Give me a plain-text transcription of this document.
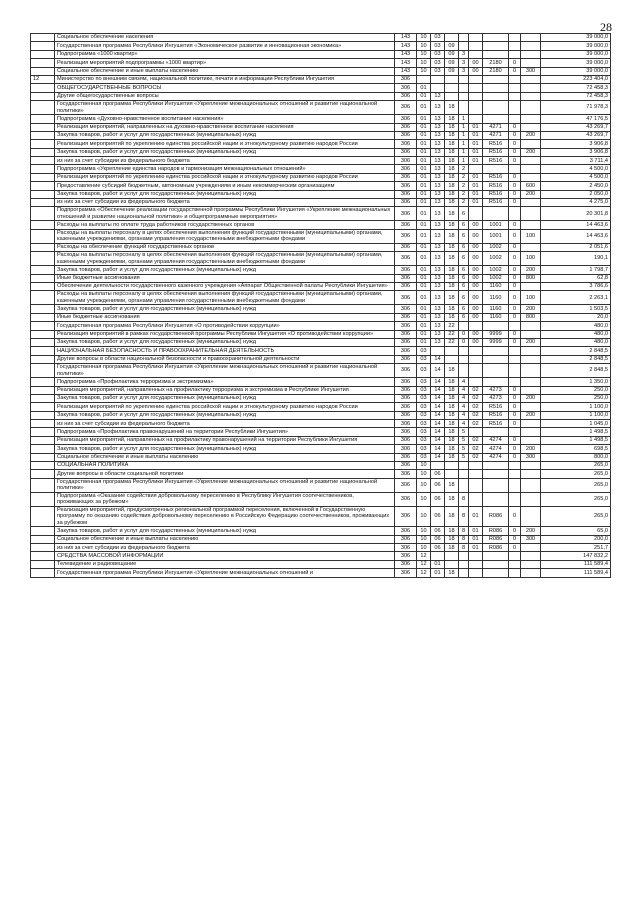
28
	Социальное обеспечение населения	143	10	03							39 000,0
	Государственная программа Республики Ингушетия «Экономическое развитие и инновационная экономика»	143	10	03	09						39 000,0
	Подпрограмма «1000 квартир»	143	10	03	09	3					39 000,0
	Реализация мероприятий подпрограммы «1000 квартир»	143	10	03	09	3	00	2180	0		39 000,0
	Социальное обеспечение и иные выплаты населению	143	10	03	09	3	00	2180	0	300	39 000,0
12	Министерство по внешним связям, национальной политике, печати и информации Республики Ингушетия	306									223 404,0
	ОБЩЕГОСУДАРСТВЕННЫЕ ВОПРОСЫ	306	01								72 458,3
	Другие общегосударственные вопросы	306	01	13							72 458,3
	Государственная программа Республики Ингушетия «Укрепление межнациональных отношений и развитие национальной политики»	306	01	13	18						71 978,3
	Подпрограмма «Духовно-нравственное воспитание населения»	306	01	13	18	1					47 176,5
	Реализация мероприятий, направленных на духовно-нравственное воспитание населения	306	01	13	18	1	01	4271	0		43 269,7
	Закупка товаров, работ и услуг для государственных (муниципальных) нужд	306	01	13	18	1	01	4271	0	200	43 269,7
	Реализация мероприятий по укреплению единства российской нации и этнокультурному развитию народов России	306	01	13	18	1	01	R516	0		3 906,8
	Закупка товаров, работ и услуг для государственных (муниципальных) нужд	306	01	13	18	1	01	R516	0	200	3 906,8
	из них за счет субсидии из федерального бюджета	306	01	13	18	1	01	R516	0		3 711,4
	Подпрограмма «Укрепление единства народов и гармонизация межнациональных отношений»	306	01	13	18	2					4 500,0
	Реализация мероприятий по укреплению единства российской нации и этнокультурному развитию народов России	306	01	13	18	2	01	R516	0		4 500,0
	Предоставление субсидий бюджетным, автономным учреждениям и иным некоммерческим организациям	306	01	13	18	2	01	R516	0	600	2 450,0
	Закупка товаров, работ и услуг для государственных (муниципальных) нужд	306	01	13	18	2	01	R516	0	200	2 050,0
	из них за счет субсидии из федерального бюджета	306	01	13	18	2	01	R516	0		4 275,0
	Подпрограмма «Обеспечение реализации государственной программы Республики Ингушетия «Укрепление межнациональных отношений и развитие национальной политики» и общепрограммные мероприятия»	306	01	13	18	6					20 301,8
	Расходы на выплаты по оплате труда работников государственных органов	306	01	13	18	6	00	1001	0		14 463,6
	Расходы на выплаты персоналу в целях обеспечения выполнения функций государственными (муниципальными) органами, казенными учреждениями, органами управления государственными внебюджетными фондами	306	01	13	18	6	00	1001	0	100	14 463,6
	Расходы на обеспечение функций государственных органов	306	01	13	18	6	00	1002	0		2 051,6
	Расходы на выплаты персоналу в целях обеспечения выполнения функций государственными (муниципальными) органами, казенными учреждениями, органами управления государственными внебюджетными фондами	306	01	13	18	6	00	1002	0	100	190,1
	Закупка товаров, работ и услуг для государственных (муниципальных) нужд	306	01	13	18	6	00	1002	0	200	1 798,7
	Иные бюджетные ассигнования	306	01	13	18	6	00	1002	0	800	62,8
	Обеспечение деятельности государственного казенного учреждения «Аппарат Общественной палаты Республики Ингушетия»	306	01	13	18	6	00	1160	0		3 786,6
	Расходы на выплаты персоналу в целях обеспечения выполнения функций государственными (муниципальными) органами, казенными учреждениями, органами управления государственными внебюджетными фондами	306	01	13	18	6	00	1160	0	100	2 263,1
	Закупка товаров, работ и услуг для государственных (муниципальных) нужд	306	01	13	18	6	00	1160	0	200	1 503,5
	Иные бюджетные ассигнования	306	01	13	18	6	00	1160	0	800	20,0
	Государственная программа Республики Ингушетия «О противодействии коррупции»	306	01	13	22						480,0
	Реализация мероприятий в рамках государственной программы Республики Ингушетия «О противодействии коррупции»	306	01	13	22	0	00	9999	0		480,0
	Закупка товаров, работ и услуг для государственных (муниципальных) нужд	306	01	13	22	0	00	9999	0	200	480,0
	НАЦИОНАЛЬНАЯ БЕЗОПАСНОСТЬ И ПРАВООХРАНИТЕЛЬНАЯ ДЕЯТЕЛЬНОСТЬ	306	03								2 848,5
	Другие вопросы в области национальной безопасности и правоохранительной деятельности	306	03	14							2 848,5
	Государственная программа Республики Ингушетия «Укрепление межнациональных отношений и развитие национальной политики»	306	03	14	18						2 848,5
	Подпрограмма «Профилактика терроризма и экстремизма»	306	03	14	18	4					1 350,0
	Реализация мероприятий, направленных на профилактику терроризма и экстремизма в Республике Ингушетия	306	03	14	18	4	02	4273	0		250,0
	Закупка товаров, работ и услуг для государственных (муниципальных) нужд	306	03	14	18	4	02	4273	0	200	250,0
	Реализация мероприятий по укреплению единства российской нации и этнокультурному развитию народов России	306	03	14	18	4	02	R516	0		1 100,0
	Закупка товаров, работ и услуг для государственных (муниципальных) нужд	306	03	14	18	4	02	R516	0	200	1 100,0
	из них за счет субсидии из федерального бюджета	306	03	14	18	4	02	R516	0		1 045,0
	Подпрограмма «Профилактика правонарушений на территории Республики Ингушетия»	306	03	14	18	5					1 498,5
	Реализация мероприятий, направленных на профилактику правонарушений на территории Республики Ингушетия	306	03	14	18	5	02	4274	0		1 498,5
	Закупка товаров, работ и услуг для государственных (муниципальных) нужд	306	03	14	18	5	02	4274	0	200	698,5
	Социальное обеспечение и иные выплаты населению	306	03	14	18	5	02	4274	0	300	800,0
	СОЦИАЛЬНАЯ ПОЛИТИКА	306	10								265,0
	Другие вопросы в области социальной политики	306	10	06							265,0
	Государственная программа Республики Ингушетия «Укрепление межнациональных отношений и развитие национальной политики»	306	10	06	18						265,0
	Подпрограмма «Оказание содействия добровольному переселению в Республику Ингушетия соотечественников, проживающих за рубежом»	306	10	06	18	8					265,0
	Реализация мероприятий, предусмотренных региональной программой переселения, включенной в Государственную программу по оказанию содействия добровольному переселению в Российскую Федерацию соотечественников, проживающих за рубежом	306	10	06	18	8	01	R086	0		265,0
	Закупка товаров, работ и услуг для государственных (муниципальных) нужд	306	10	06	18	8	01	R086	0	200	65,0
	Социальное обеспечение и иные выплаты населению	306	10	06	18	8	01	R086	0	300	200,0
	из них за счет субсидии из федерального бюджета	306	10	06	18	8	01	R086	0		251,7
	СРЕДСТВА МАССОВОЙ ИНФОРМАЦИИ	306	12								147 832,2
	Телевидение и радиовещание	306	12	01							111 589,4
	Государственная программа Республики Ингушетия «Укрепление межнациональных отношений и	306	12	01	18						111 589,4
